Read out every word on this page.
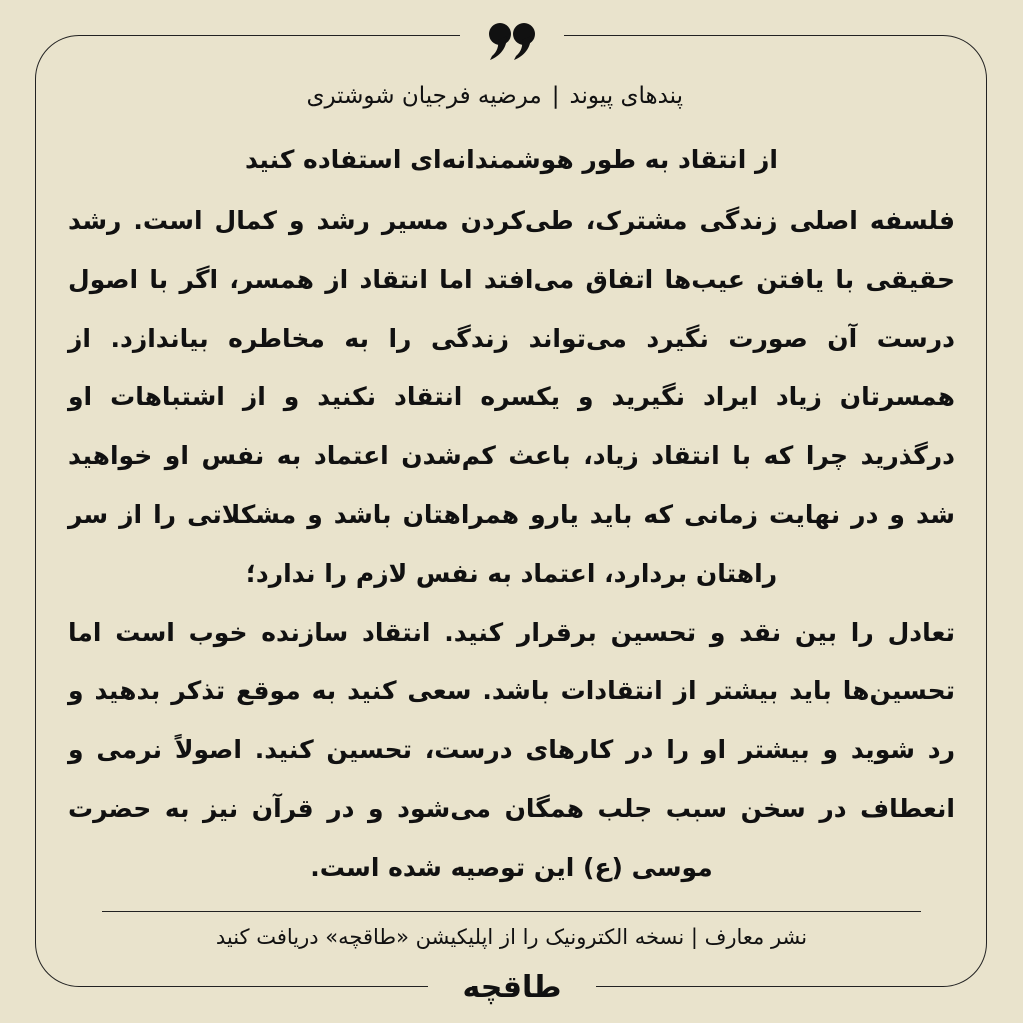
پندهای پیوند|مرضیه فرجیان شوشتری
از انتقاد به طور هوشمندانه‌ای استفاده کنید

فلسفه اصلی زندگی مشترک، طی‌کردن مسیر رشد و کمال است. رشد حقیقی با یافتن عیب‌ها اتفاق می‌افتد اما انتقاد از همسر، اگر با اصول درست آن صورت نگیرد می‌تواند زندگی را به مخاطره بیاندازد. از همسرتان زیاد ایراد نگیرید و یکسره انتقاد نکنید و از اشتباهات او درگذرید چرا که با انتقاد زیاد، باعث کم‌شدن اعتماد به نفس او خواهید شد و در نهایت زمانی که باید یارو همراهتان باشد و مشکلاتی را از سر راهتان بردارد، اعتماد به نفس لازم را ندارد؛

تعادل را بین نقد و تحسین برقرار کنید. انتقاد سازنده خوب است اما تحسین‌ها باید بیشتر از انتقادات باشد. سعی کنید به موقع تذکر بدهید و رد شوید و بیشتر او را در کارهای درست، تحسین کنید. اصولاً نرمی و انعطاف در سخن سبب جلب همگان می‌شود و در قرآن نیز به حضرت موسی (ع) این توصیه شده است.

نشر معارف | نسخه الکترونیک را از اپلیکیشن «طاقچه» دریافت کنید
طاقچه
